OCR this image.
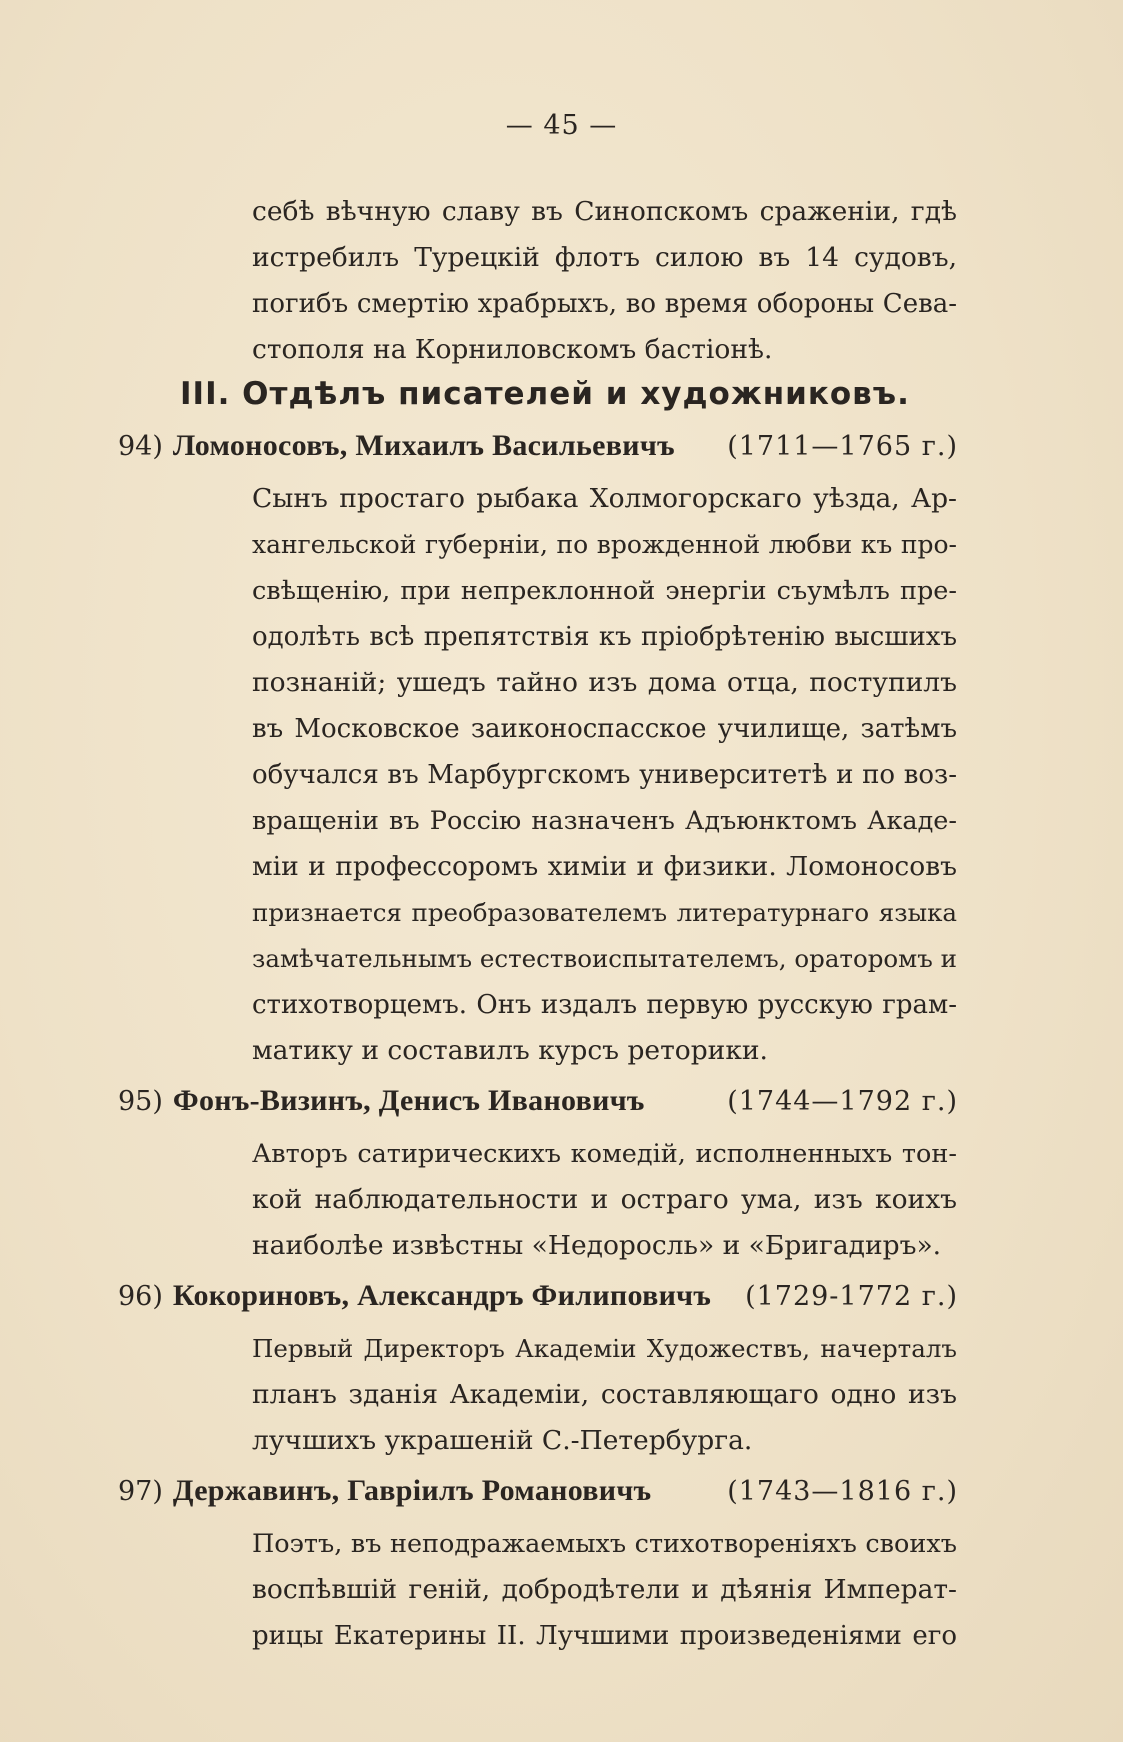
— 45 —
себѣ вѣчную славу въ Синопскомъ сраженіи, гдѣ
истребилъ Турецкій флотъ силою въ 14 судовъ,
погибъ смертію храбрыхъ, во время обороны Сева-
стополя на Корниловскомъ бастіонѣ.
III. Отдѣлъ писателей и художниковъ.
94) Ломоносовъ, Михаилъ Васильевичъ (1711—1765 г.)
Сынъ простаго рыбака Холмогорскаго уѣзда, Ар-
хангельской губерніи, по врожденной любви къ про-
свѣщенію, при непреклонной энергіи съумѣлъ пре-
одолѣть всѣ препятствія къ пріобрѣтенію высшихъ
познаній; ушедъ тайно изъ дома отца, поступилъ
въ Московское заиконоспасское училище, затѣмъ
обучался въ Марбургскомъ университетѣ и по воз-
вращеніи въ Россію назначенъ Адъюнктомъ Акаде-
міи и профессоромъ химіи и физики. Ломоносовъ
признается преобразователемъ литературнаго языка
замѣчательнымъ естествоиспытателемъ, ораторомъ и
стихотворцемъ. Онъ издалъ первую русскую грам-
матику и составилъ курсъ реторики.
95) Фонъ-Визинъ, Денисъ Ивановичъ	(1744—1792 г.)
Авторъ сатирическихъ комедій, исполненныхъ тон-
кой наблюдательности и остраго ума, изъ коихъ
наиболѣе извѣстны «Недоросль» и «Бригадиръ».
96) Кокориновъ, Александръ Филиповичъ (1729-1772 г.)
Первый Директоръ Академіи Художествъ, начерталъ
планъ зданія Академіи, составляющаго одно изъ
лучшихъ украшеній С.-Петербурга.
97) Державинъ, Гавріилъ Романовичъ	(1743—1816 г.)
Поэтъ, въ неподражаемыхъ стихотвореніяхъ своихъ
воспѣвшій геній, добродѣтели и дѣянія Императ-
рицы Екатерины II. Лучшими произведеніями его
